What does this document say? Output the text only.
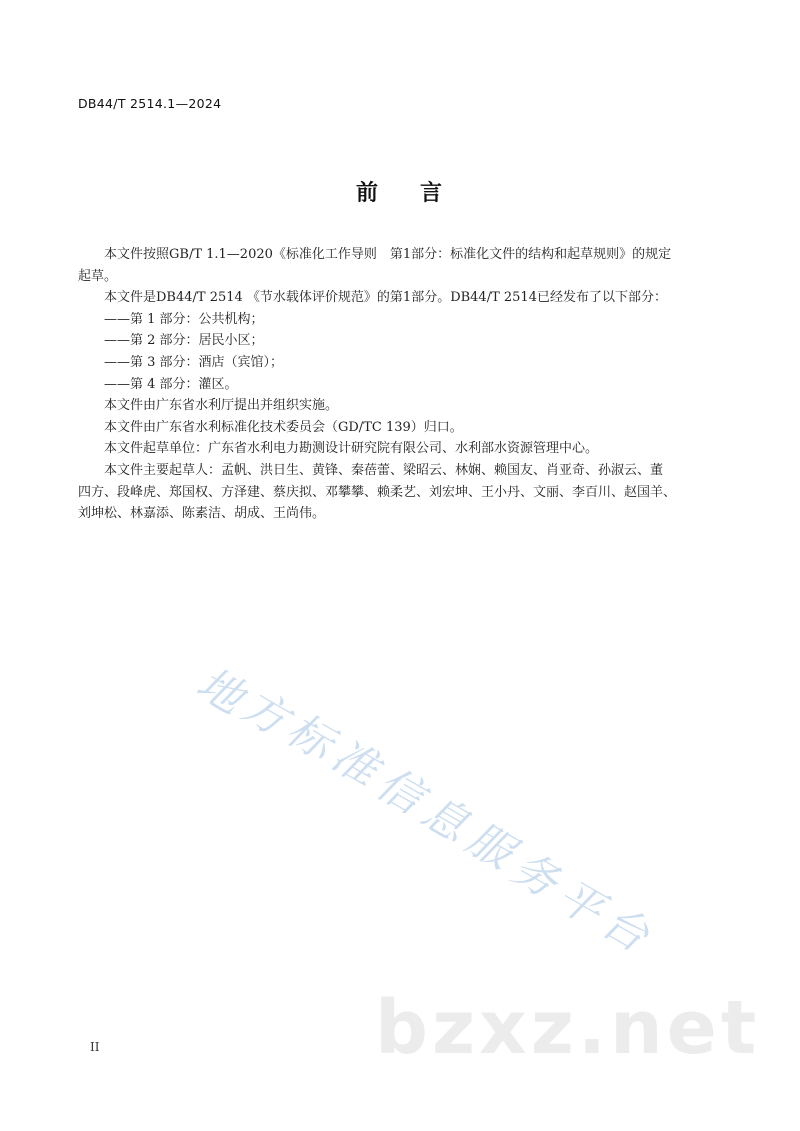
DB44/T 2514.1—2024
前 言

本文件按照GB/T 1.1—2020《标准化工作导则　第1部分：标准化文件的结构和起草规则》的规定

起草。

本文件是DB44/T 2514 《节水载体评价规范》的第1部分。DB44/T 2514已经发布了以下部分：

——第 1 部分：公共机构；

——第 2 部分：居民小区；

——第 3 部分：酒店（宾馆）；

——第 4 部分：灌区。

本文件由广东省水利厅提出并组织实施。

本文件由广东省水利标准化技术委员会（GD/TC 139）归口。

本文件起草单位：广东省水利电力勘测设计研究院有限公司、水利部水资源管理中心。

本文件主要起草人：孟帆、洪日生、黄锋、秦蓓蕾、梁昭云、林娴、赖国友、肖亚奇、孙淑云、董

四方、段峰虎、郑国权、方泽建、蔡庆拟、邓攀攀、赖柔艺、刘宏坤、王小丹、文丽、李百川、赵国羊、

刘坤松、林嘉添、陈素洁、胡成、王尚伟。

地
方
标
准
信
息
服
务
平
台
bzxz.net
II
